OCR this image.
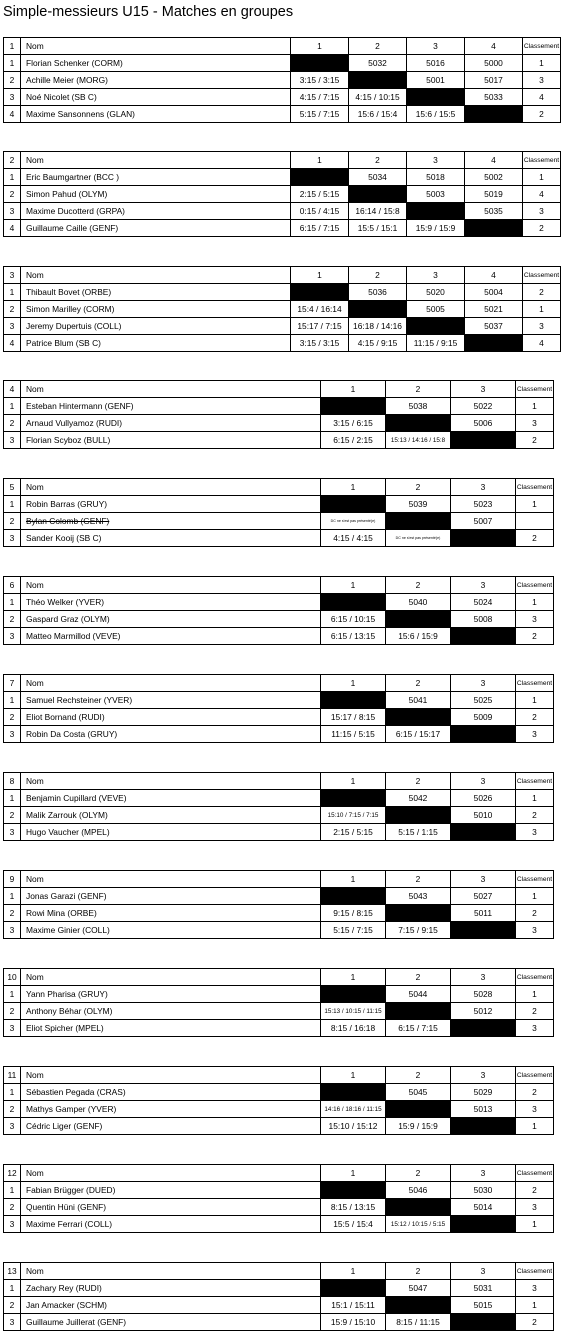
Simple-messieurs U15 - Matches en groupes
1	Nom	1	2	3	4	Classement
1	Florian Schenker (CORM)		5032	5016	5000	1
2	Achille Meier (MORG)	3:15 / 3:15		5001	5017	3
3	Noé Nicolet (SB C)	4:15 / 7:15	4:15 / 10:15		5033	4
4	Maxime Sansonnens (GLAN)	5:15 / 7:15	15:6 / 15:4	15:6 / 15:5		2
2	Nom	1	2	3	4	Classement
1	Eric Baumgartner (BCC )		5034	5018	5002	1
2	Simon Pahud (OLYM)	2:15 / 5:15		5003	5019	4
3	Maxime Ducotterd (GRPA)	0:15 / 4:15	16:14 / 15:8		5035	3
4	Guillaume Caille (GENF)	6:15 / 7:15	15:5 / 15:1	15:9 / 15:9		2
3	Nom	1	2	3	4	Classement
1	Thibault Bovet (ORBE)		5036	5020	5004	2
2	Simon Marilley (CORM)	15:4 / 16:14		5005	5021	1
3	Jeremy Dupertuis (COLL)	15:17 / 7:15	16:18 / 14:16		5037	3
4	Patrice Blum (SB C)	3:15 / 3:15	4:15 / 9:15	11:15 / 9:15		4
4	Nom	1	2	3	Classement
1	Esteban Hintermann (GENF)		5038	5022	1
2	Arnaud Vullyamoz (RUDI)	3:15 / 6:15		5006	3
3	Florian Scyboz (BULL)	6:15 / 2:15	15:13 / 14:16 / 15:8		2
5	Nom	1	2	3	Classement
1	Robin Barras (GRUY)		5039	5023	1
2	Bylan Colomb (GENF)	DC ne s'est pas présenté(e)		5007	
3	Sander Kooij (SB C)	4:15 / 4:15	DC ne s'est pas présenté(e)		2
6	Nom	1	2	3	Classement
1	Théo Welker (YVER)		5040	5024	1
2	Gaspard Graz (OLYM)	6:15 / 10:15		5008	3
3	Matteo Marmillod (VEVE)	6:15 / 13:15	15:6 / 15:9		2
7	Nom	1	2	3	Classement
1	Samuel Rechsteiner (YVER)		5041	5025	1
2	Eliot Bornand (RUDI)	15:17 / 8:15		5009	2
3	Robin Da Costa (GRUY)	11:15 / 5:15	6:15 / 15:17		3
8	Nom	1	2	3	Classement
1	Benjamin Cupillard (VEVE)		5042	5026	1
2	Malik Zarrouk (OLYM)	15:10 / 7:15 / 7:15		5010	2
3	Hugo Vaucher (MPEL)	2:15 / 5:15	5:15 / 1:15		3
9	Nom	1	2	3	Classement
1	Jonas Garazi (GENF)		5043	5027	1
2	Rowi Mina (ORBE)	9:15 / 8:15		5011	2
3	Maxime Ginier (COLL)	5:15 / 7:15	7:15 / 9:15		3
10	Nom	1	2	3	Classement
1	Yann Pharisa (GRUY)		5044	5028	1
2	Anthony Béhar (OLYM)	15:13 / 10:15 / 11:15		5012	2
3	Eliot Spicher (MPEL)	8:15 / 16:18	6:15 / 7:15		3
11	Nom	1	2	3	Classement
1	Sébastien Pegada (CRAS)		5045	5029	2
2	Mathys Gamper (YVER)	14:16 / 18:16 / 11:15		5013	3
3	Cédric Liger (GENF)	15:10 / 15:12	15:9 / 15:9		1
12	Nom	1	2	3	Classement
1	Fabian Brügger (DUED)		5046	5030	2
2	Quentin Hüni (GENF)	8:15 / 13:15		5014	3
3	Maxime Ferrari (COLL)	15:5 / 15:4	15:12 / 10:15 / 5:15		1
13	Nom	1	2	3	Classement
1	Zachary Rey (RUDI)		5047	5031	3
2	Jan Amacker (SCHM)	15:1 / 15:11		5015	1
3	Guillaume Juillerat (GENF)	15:9 / 15:10	8:15 / 11:15		2
